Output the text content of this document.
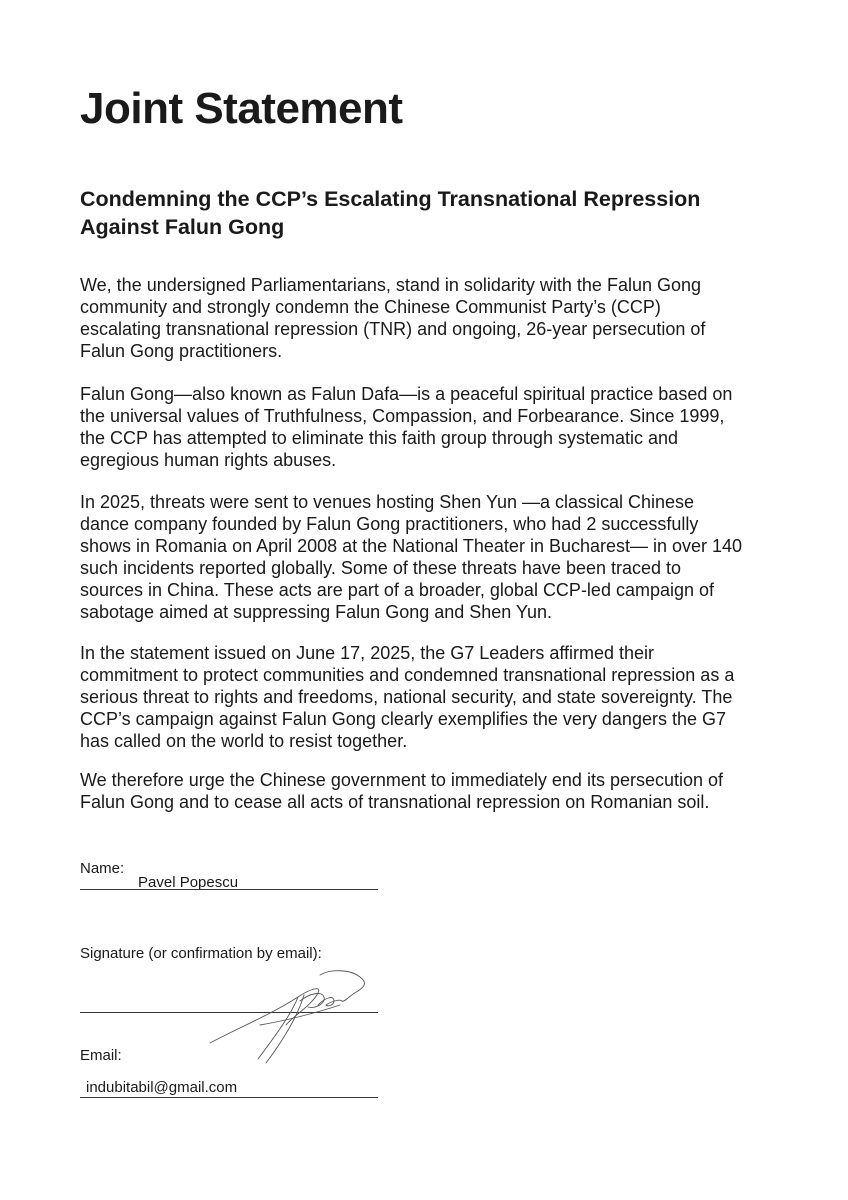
Joint Statement
Condemning the CCP’s Escalating Transnational Repression
Against Falun Gong

We, the undersigned Parliamentarians, stand in solidarity with the Falun Gong
community and strongly condemn the Chinese Communist Party’s (CCP)
escalating transnational repression (TNR) and ongoing, 26-year persecution of
Falun Gong practitioners.

Falun Gong—also known as Falun Dafa—is a peaceful spiritual practice based on
the universal values of Truthfulness, Compassion, and Forbearance. Since 1999,
the CCP has attempted to eliminate this faith group through systematic and
egregious human rights abuses.

In 2025, threats were sent to venues hosting Shen Yun —a classical Chinese
dance company founded by Falun Gong practitioners, who had 2 successfully
shows in Romania on April 2008 at the National Theater in Bucharest— in over 140
such incidents reported globally. Some of these threats have been traced to
sources in China. These acts are part of a broader, global CCP-led campaign of
sabotage aimed at suppressing Falun Gong and Shen Yun.

In the statement issued on June 17, 2025, the G7 Leaders affirmed their
commitment to protect communities and condemned transnational repression as a
serious threat to rights and freedoms, national security, and state sovereignty. The
CCP’s campaign against Falun Gong clearly exemplifies the very dangers the G7
has called on the world to resist together.

We therefore urge the Chinese government to immediately end its persecution of
Falun Gong and to cease all acts of transnational repression on Romanian soil.

Name:
Pavel Popescu
Signature (or confirmation by email):
Email:
indubitabil@gmail.com
